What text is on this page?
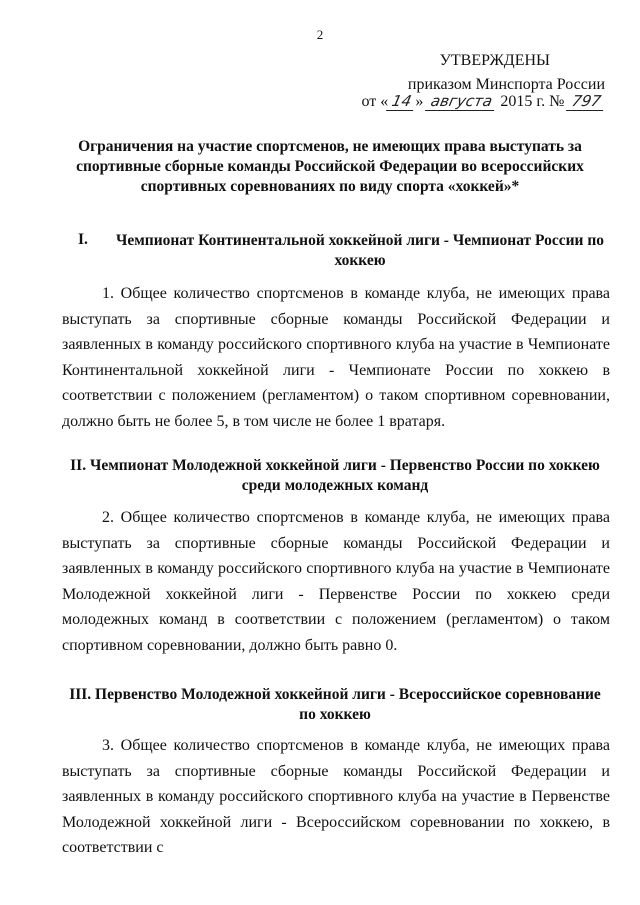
2
УТВЕРЖДЕНЫ
приказом Минспорта России
от « 14 » августа 2015 г. № 797
Ограничения на участие спортсменов, не имеющих права выступать за спортивные сборные команды Российской Федерации во всероссийских спортивных соревнованиях по виду спорта «хоккей»*
I.	Чемпионат Континентальной хоккейной лиги - Чемпионат России по хоккею
1. Общее количество спортсменов в команде клуба, не имеющих права выступать за спортивные сборные команды Российской Федерации и заявленных в команду российского спортивного клуба на участие в Чемпионате Континентальной хоккейной лиги - Чемпионате России по хоккею в соответствии с положением (регламентом) о таком спортивном соревновании, должно быть не более 5, в том числе не более 1 вратаря.
II. Чемпионат Молодежной хоккейной лиги - Первенство России по хоккею среди молодежных команд
2. Общее количество спортсменов в команде клуба, не имеющих права выступать за спортивные сборные команды Российской Федерации и заявленных в команду российского спортивного клуба на участие в Чемпионате Молодежной хоккейной лиги - Первенстве России по хоккею среди молодежных команд в соответствии с положением (регламентом) о таком спортивном соревновании, должно быть равно 0.
III. Первенство Молодежной хоккейной лиги - Всероссийское соревнование по хоккею
3. Общее количество спортсменов в команде клуба, не имеющих права выступать за спортивные сборные команды Российской Федерации и заявленных в команду российского спортивного клуба на участие в Первенстве Молодежной хоккейной лиги - Всероссийском соревновании по хоккею, в соответствии с
